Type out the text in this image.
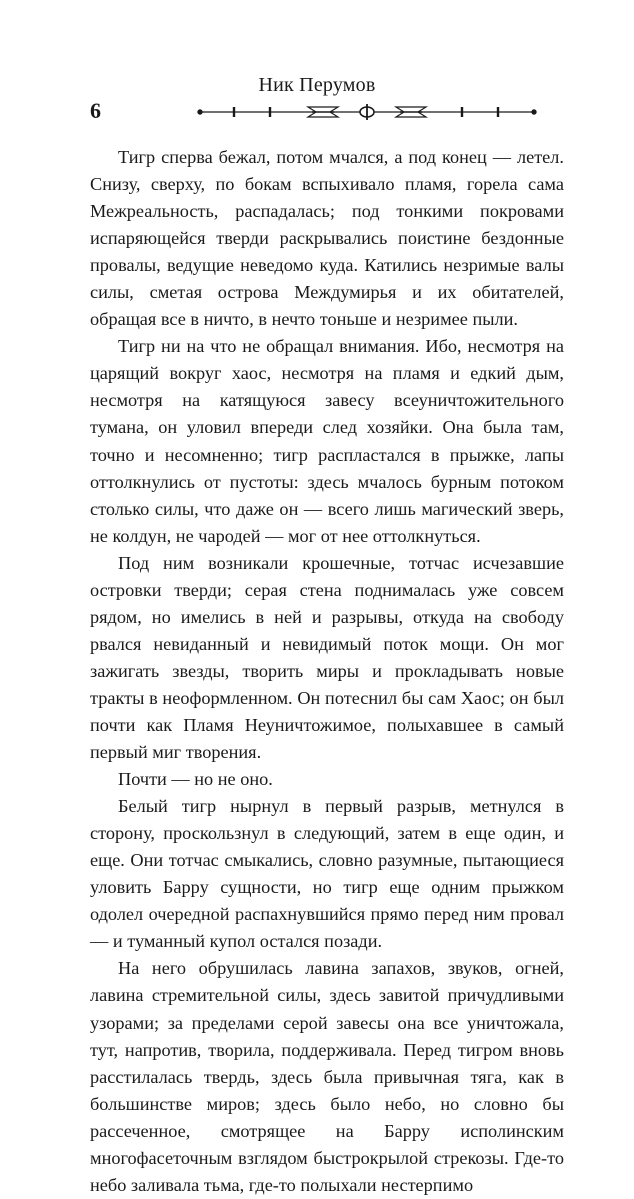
Ник Перумов
6

Тигр сперва бежал, потом мчался, а под конец — летел. Снизу, сверху, по бокам вспыхивало пламя, горела сама Межреальность, распадалась; под тонкими покровами испаряющейся тверди раскрывались поистине бездонные провалы, ведущие неведомо куда. Катились незримые валы силы, сметая острова Междумирья и их обитателей, обращая все в ничто, в нечто тоньше и незримее пыли.

Тигр ни на что не обращал внимания. Ибо, несмотря на царящий вокруг хаос, несмотря на пламя и едкий дым, несмотря на катящуюся завесу всеуничтожительного тумана, он уловил впереди след хозяйки. Она была там, точно и несомненно; тигр распластался в прыжке, лапы оттолкнулись от пустоты: здесь мчалось бурным потоком столько силы, что даже он — всего лишь магический зверь, не колдун, не чародей — мог от нее оттолкнуться.

Под ним возникали крошечные, тотчас исчезавшие островки тверди; серая стена поднималась уже совсем рядом, но имелись в ней и разрывы, откуда на свободу рвался невиданный и невидимый поток мощи. Он мог зажигать звезды, творить миры и прокладывать новые тракты в неоформленном. Он потеснил бы сам Хаос; он был почти как Пламя Неуничтожимое, полыхавшее в самый первый миг творения.

Почти — но не оно.

Белый тигр нырнул в первый разрыв, метнулся в сторону, проскользнул в следующий, затем в еще один, и еще. Они тотчас смыкались, словно разумные, пытающиеся уловить Барру сущности, но тигр еще одним прыжком одолел очередной распахнувшийся прямо перед ним провал — и туманный купол остался позади.

На него обрушилась лавина запахов, звуков, огней, лавина стремительной силы, здесь завитой причудливыми узорами; за пределами серой завесы она все уничтожала, тут, напротив, творила, поддерживала. Перед тигром вновь расстилалась твердь, здесь была привычная тяга, как в большинстве миров; здесь было небо, но словно бы рассеченное, смотрящее на Барру исполинским многофасеточным взглядом быстрокрылой стрекозы. Где-то небо заливала тьма, где-то полыхали нестерпимо
